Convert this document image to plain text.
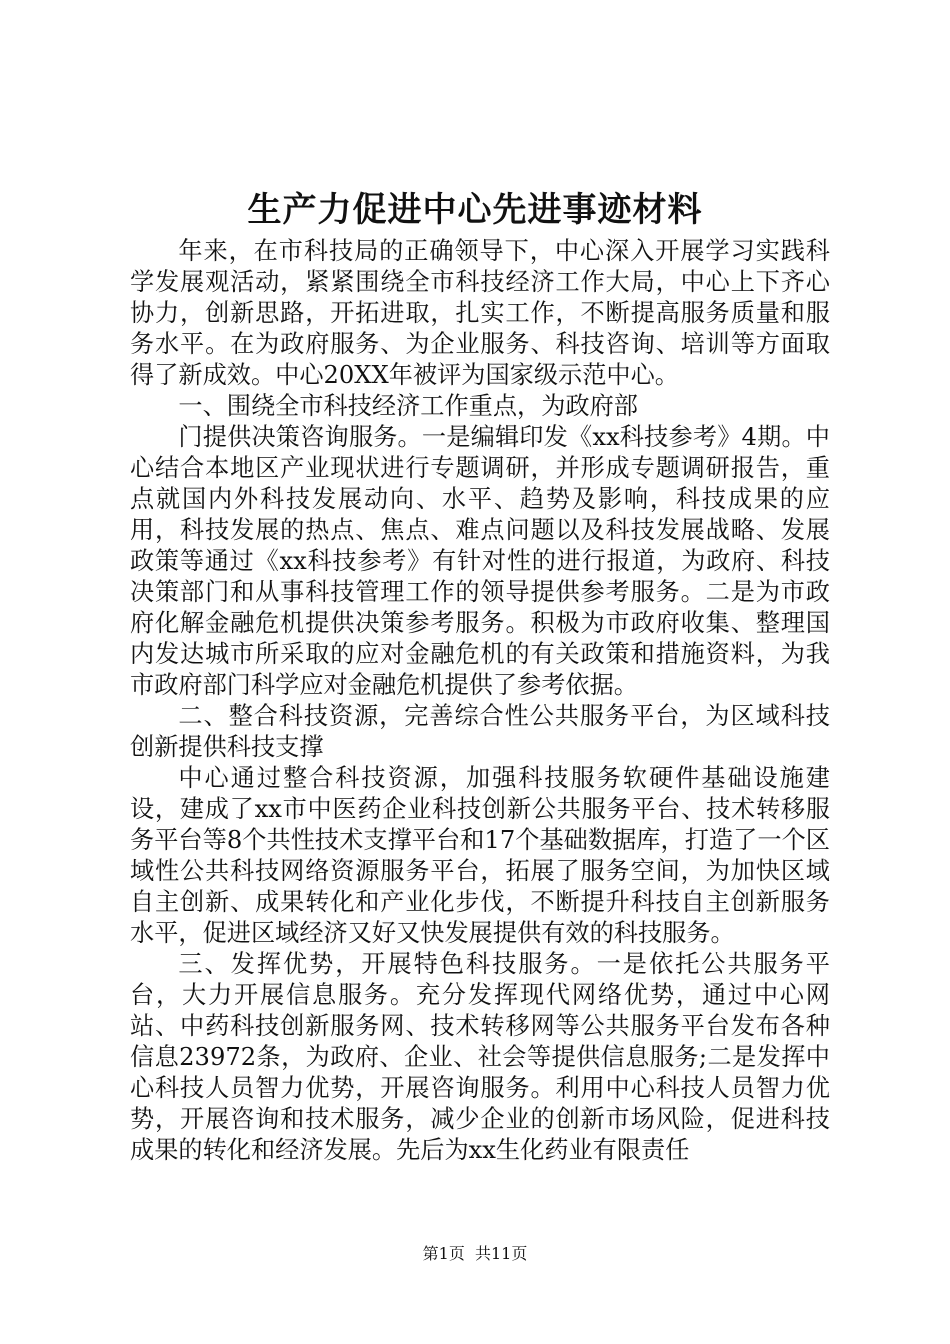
生产力促进中心先进事迹材料

年来，在市科技局的正确领导下，中心深入开展学习实践科学发展观活动，紧紧围绕全市科技经济工作大局，中心上下齐心协力，创新思路，开拓进取，扎实工作，不断提高服务质量和服务水平。在为政府服务、为企业服务、科技咨询、培训等方面取得了新成效。中心20XX年被评为国家级示范中心。

一、围绕全市科技经济工作重点，为政府部

门提供决策咨询服务。一是编辑印发《xx科技参考》4期。中心结合本地区产业现状进行专题调研，并形成专题调研报告，重点就国内外科技发展动向、水平、趋势及影响，科技成果的应用，科技发展的热点、焦点、难点问题以及科技发展战略、发展政策等通过《xx科技参考》有针对性的进行报道，为政府、科技决策部门和从事科技管理工作的领导提供参考服务。二是为市政府化解金融危机提供决策参考服务。积极为市政府收集、整理国内发达城市所采取的应对金融危机的有关政策和措施资料，为我市政府部门科学应对金融危机提供了参考依据。

二、整合科技资源，完善综合性公共服务平台，为区域科技创新提供科技支撑

中心通过整合科技资源，加强科技服务软硬件基础设施建设，建成了xx市中医药企业科技创新公共服务平台、技术转移服务平台等8个共性技术支撑平台和17个基础数据库，打造了一个区域性公共科技网络资源服务平台，拓展了服务空间，为加快区域自主创新、成果转化和产业化步伐，不断提升科技自主创新服务水平，促进区域经济又好又快发展提供有效的科技服务。

三、发挥优势，开展特色科技服务。一是依托公共服务平台，大力开展信息服务。充分发挥现代网络优势，通过中心网站、中药科技创新服务网、技术转移网等公共服务平台发布各种信息23972条，为政府、企业、社会等提供信息服务;二是发挥中心科技人员智力优势，开展咨询服务。利用中心科技人员智力优势，开展咨询和技术服务，减少企业的创新市场风险，促进科技成果的转化和经济发展。先后为xx生化药业有限责任

第1页  共11页
